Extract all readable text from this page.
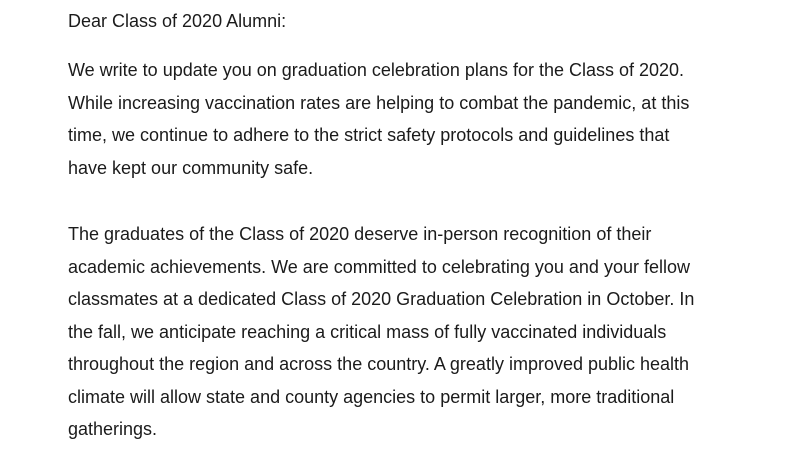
Dear Class of 2020 Alumni:

We write to update you on graduation celebration plans for the Class of 2020.
While increasing vaccination rates are helping to combat the pandemic, at this
time, we continue to adhere to the strict safety protocols and guidelines that
have kept our community safe.

The graduates of the Class of 2020 deserve in-person recognition of their
academic achievements. We are committed to celebrating you and your fellow
classmates at a dedicated Class of 2020 Graduation Celebration in October. In
the fall, we anticipate reaching a critical mass of fully vaccinated individuals
throughout the region and across the country. A greatly improved public health
climate will allow state and county agencies to permit larger, more traditional
gatherings.
